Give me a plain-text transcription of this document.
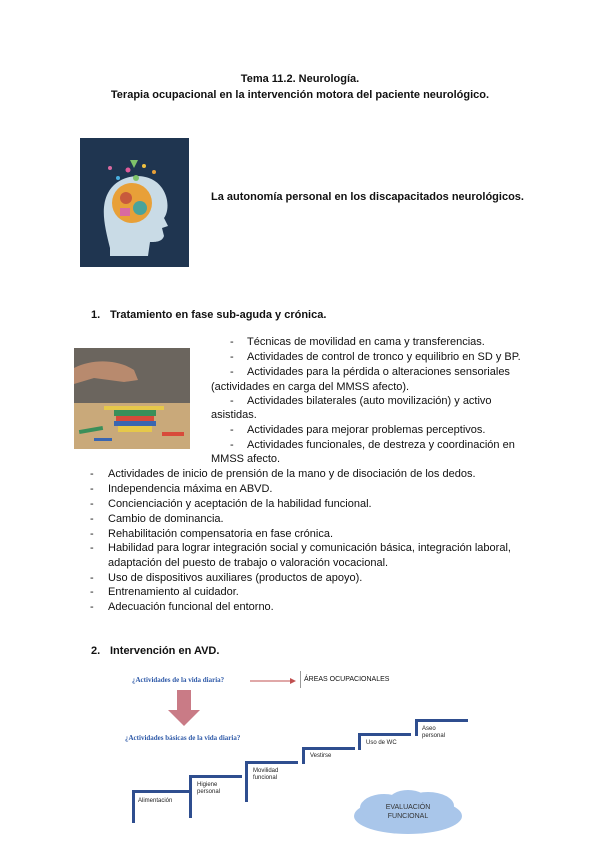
Tema 11.2. Neurología.
Terapia ocupacional en la intervención motora del paciente neurológico.
La autonomía personal en los discapacitados neurológicos.
1. Tratamiento en fase sub-aguda y crónica.
- Técnicas de movilidad en cama y transferencias.
- Actividades de control de tronco y equilibrio en SD y BP.
- Actividades para la pérdida o alteraciones sensoriales
(actividades en carga del MMSS afecto).
- Actividades bilaterales (auto movilización) y activo
asistidas.
- Actividades para mejorar problemas perceptivos.
- Actividades funcionales, de destreza y coordinación en
MMSS afecto.
- Actividades de inicio de prensión de la mano y de disociación de los dedos.
- Independencia máxima en ABVD.
- Concienciación y aceptación de la habilidad funcional.
- Cambio de dominancia.
- Rehabilitación compensatoria en fase crónica.
- Habilidad para lograr integración social y comunicación básica, integración laboral,
adaptación del puesto de trabajo o valoración vocacional.
- Uso de dispositivos auxiliares (productos de apoyo).
- Entrenamiento al cuidador.
- Adecuación funcional del entorno.
2. Intervención en AVD.
¿Actividades de la vida diaria?	ÁREAS OCUPACIONALES
¿Actividades básicas de la vida diaria?
Alimentación
Higiene personal
Movilidad funcional
Vestirse
Uso de WC
Aseo personal
EVALUACIÓN FUNCIONAL
